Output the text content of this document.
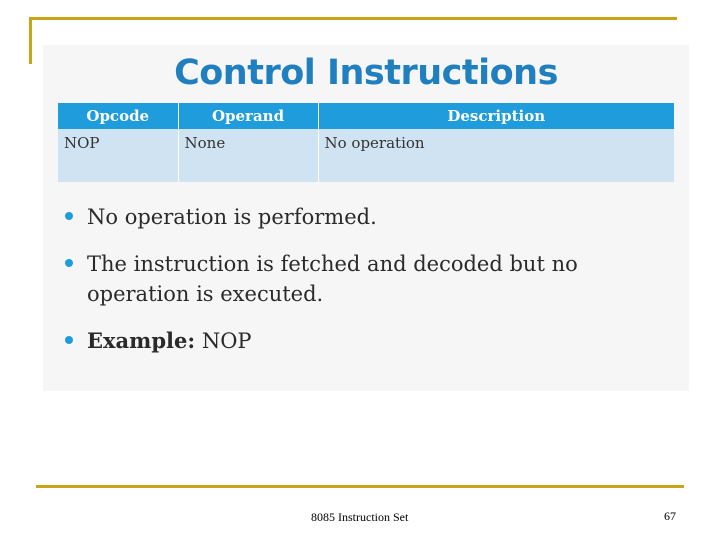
Control Instructions
Opcode	Operand	Description
NOP	None	No operation
No operation is performed.
The instruction is fetched and decoded but no operation is executed.
Example: NOP
8085 Instruction Set	67
